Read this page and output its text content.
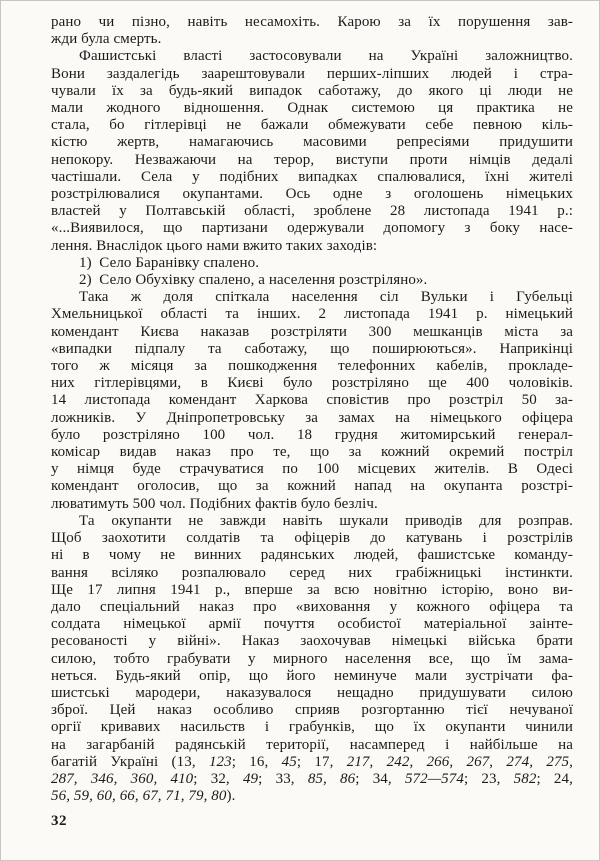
рано чи пізно, навіть несамохіть. Карою за їх порушення зав-
жди була смерть.
Фашистські власті застосовували на Україні заложництво.
Вони заздалегідь заарештовували перших-ліпших людей і стра-
чували їх за будь-який випадок саботажу, до якого ці люди не
мали жодного відношення. Однак системою ця практика не
стала, бо гітлерівці не бажали обмежувати себе певною кіль-
кістю жертв, намагаючись масовими репресіями придушити
непокору. Незважаючи на терор, виступи проти німців дедалі
частішали. Села у подібних випадках спалювалися, їхні жителі
розстрілювалися окупантами. Ось одне з оголошень німецьких
властей у Полтавській області, зроблене 28 листопада 1941 р.:
«...Виявилося, що партизани одержували допомогу з боку насе-
лення. Внаслідок цього нами вжито таких заходів:
1) Село Баранівку спалено.
2) Село Обухівку спалено, а населення розстріляно».
Така ж доля спіткала населення сіл Вульки і Губельці
Хмельницької області та інших. 2 листопада 1941 р. німецький
комендант Києва наказав розстріляти 300 мешканців міста за
«випадки підпалу та саботажу, що поширюються». Наприкінці
того ж місяця за пошкодження телефонних кабелів, прокладе-
них гітлерівцями, в Києві було розстріляно ще 400 чоловіків.
14 листопада комендант Харкова сповістив про розстріл 50 за-
ложників. У Дніпропетровську за замах на німецького офіцера
було розстріляно 100 чол. 18 грудня житомирський генерал-
комісар видав наказ про те, що за кожний окремий постріл
у німця буде страчуватися по 100 місцевих жителів. В Одесі
комендант оголосив, що за кожний напад на окупанта розстрі-
люватимуть 500 чол. Подібних фактів було безліч.
Та окупанти не завжди навіть шукали приводів для розправ.
Щоб заохотити солдатів та офіцерів до катувань і розстрілів
ні в чому не винних радянських людей, фашистське команду-
вання всіляко розпалювало серед них грабіжницькі інстинкти.
Ще 17 липня 1941 р., вперше за всю новітню історію, воно ви-
дало спеціальний наказ про «виховання у кожного офіцера та
солдата німецької армії почуття особистої матеріальної заінте-
ресованості у війні». Наказ заохочував німецькі війська брати
силою, тобто грабувати у мирного населення все, що їм зама-
неться. Будь-який опір, що його неминуче мали зустрічати фа-
шистські мародери, наказувалося нещадно придушувати силою
зброї. Цей наказ особливо сприяв розгортанню тієї нечуваної
оргії кривавих насильств і грабунків, що їх окупанти чинили
на загарбаній радянській території, насамперед і найбільше на
багатій Україні (13, 123; 16, 45; 17, 217, 242, 266, 267, 274, 275,
287, 346, 360, 410; 32, 49; 33, 85, 86; 34, 572—574; 23, 582; 24,
56, 59, 60, 66, 67, 71, 79, 80).
32
